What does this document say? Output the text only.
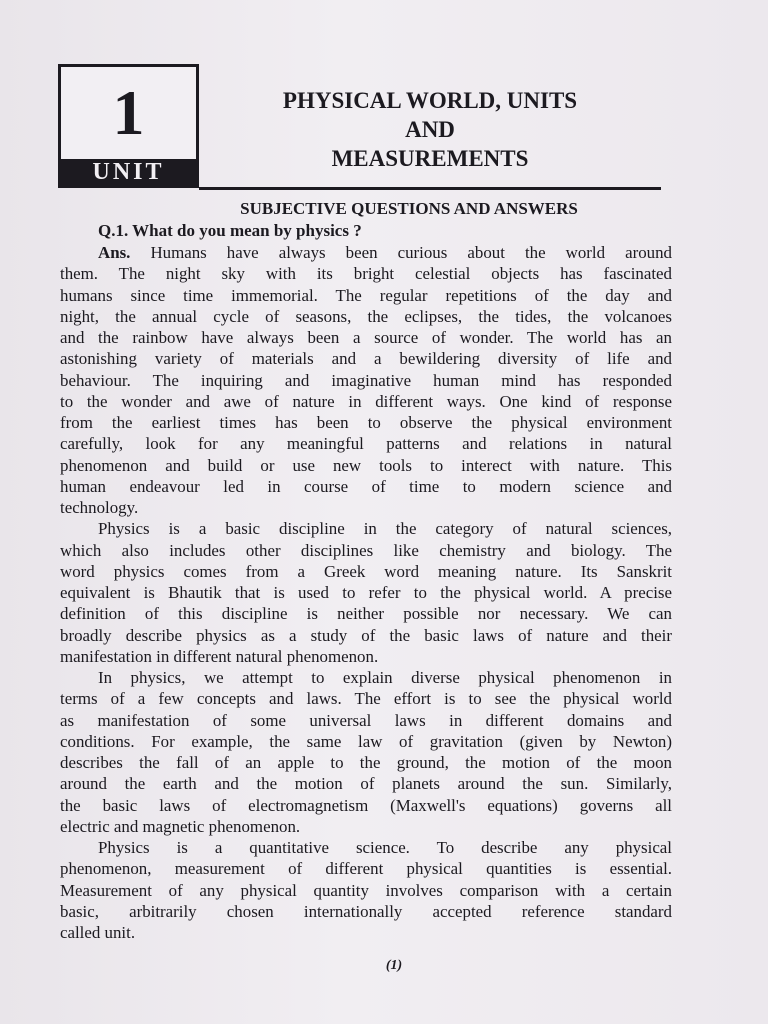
1
UNIT
PHYSICAL WORLD, UNITS
AND
MEASUREMENTS
SUBJECTIVE QUESTIONS AND ANSWERS
Q.1. What do you mean by physics ?
Ans. Humans have always been curious about the world around
them. The night sky with its bright celestial objects has fascinated
humans since time immemorial. The regular repetitions of the day and
night, the annual cycle of seasons, the eclipses, the tides, the volcanoes
and the rainbow have always been a source of wonder. The world has an
astonishing variety of materials and a bewildering diversity of life and
behaviour. The inquiring and imaginative human mind has responded
to the wonder and awe of nature in different ways. One kind of response
from the earliest times has been to observe the physical environment
carefully, look for any meaningful patterns and relations in natural
phenomenon and build or use new tools to interect with nature. This
human endeavour led in course of time to modern science and
technology.
Physics is a basic discipline in the category of natural sciences,
which also includes other disciplines like chemistry and biology. The
word physics comes from a Greek word meaning nature. Its Sanskrit
equivalent is Bhautik that is used to refer to the physical world. A precise
definition of this discipline is neither possible nor necessary. We can
broadly describe physics as a study of the basic laws of nature and their
manifestation in different natural phenomenon.
In physics, we attempt to explain diverse physical phenomenon in
terms of a few concepts and laws. The effort is to see the physical world
as manifestation of some universal laws in different domains and
conditions. For example, the same law of gravitation (given by Newton)
describes the fall of an apple to the ground, the motion of the moon
around the earth and the motion of planets around the sun. Similarly,
the basic laws of electromagnetism (Maxwell's equations) governs all
electric and magnetic phenomenon.
Physics is a quantitative science. To describe any physical
phenomenon, measurement of different physical quantities is essential.
Measurement of any physical quantity involves comparison with a certain
basic, arbitrarily chosen internationally accepted reference standard
called unit.
(1)
